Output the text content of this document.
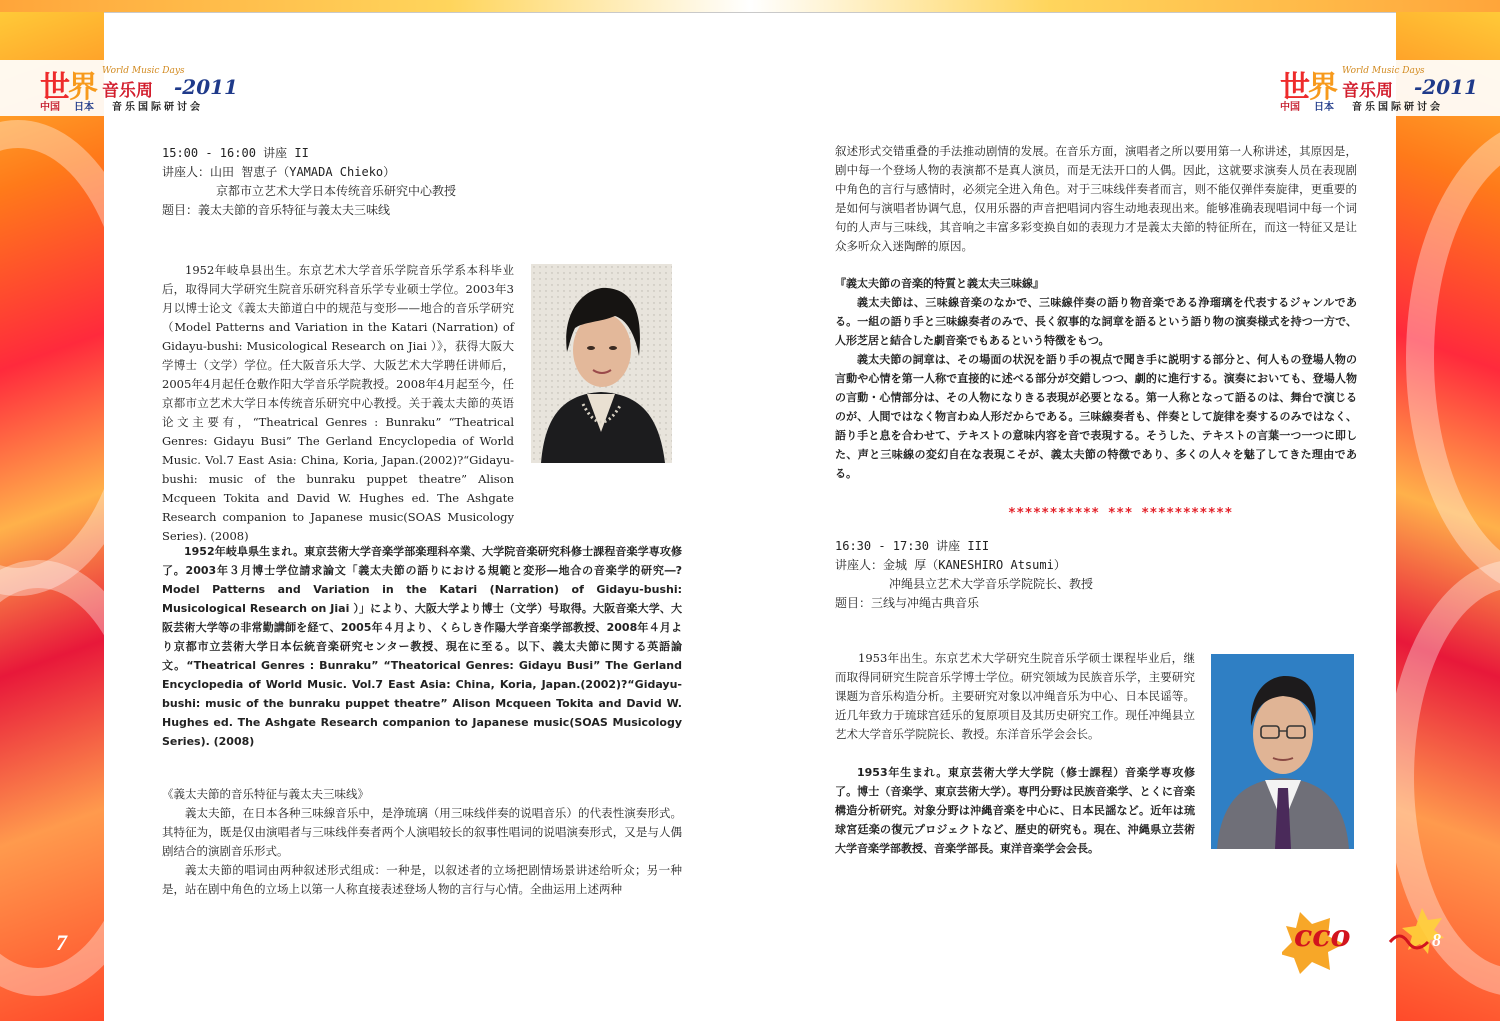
世界 World Music Days
音乐周 -2011
中国 日本 音乐国际研讨会
世界 World Music Days
音乐周 -2011
中国 日本 音乐国际研讨会
15:00 - 16:00 讲座 II
讲座人：山田 智恵子（YAMADA Chieko）
京都市立艺术大学日本传统音乐研究中心教授
题目：義太夫節的音乐特征与義太夫三味线

1952年岐阜县出生。东京艺术大学音乐学院音乐学系本科毕业后，取得同大学研究生院音乐研究科音乐学专业硕士学位。2003年3月以博士论文《義太夫節道白中的规范与变形——地合的音乐学研究（Model Patterns and Variation in the Katari (Narration) of Gidayu-bushi: Musicological Research on Jiai ）》，获得大阪大学博士（文学）学位。任大阪音乐大学、大阪艺术大学聘任讲师后，2005年4月起任仓敷作阳大学音乐学院教授。2008年4月起至今，任京都市立艺术大学日本传统音乐研究中心教授。关于義太夫節的英语论文主要有，“Theatrical Genres : Bunraku” “Theatrical Genres: Gidayu Busi” The Gerland Encyclopedia of World Music. Vol.7 East Asia: China, Koria, Japan.(2002)?“Gidayu-bushi: music of the bunraku puppet theatre” Alison Mcqueen Tokita and David W. Hughes ed. The Ashgate Research companion to Japanese music(SOAS Musicology Series). (2008)

1952年岐阜県生まれ。東京芸術大学音楽学部楽理科卒業、大学院音楽研究科修士課程音楽学専攻修了。2003年３月博士学位請求論文「義太夫節の語りにおける規範と変形―地合の音楽学的研究―?Model Patterns and Variation in the Katari (Narration) of Gidayu-bushi: Musicological Research on Jiai ）」により、大阪大学より博士（文学）号取得。大阪音楽大学、大阪芸術大学等の非常勤講師を経て、2005年４月より、くらしき作陽大学音楽学部教授、2008年４月より京都市立芸術大学日本伝統音楽研究センター教授、現在に至る。以下、義太夫節に関する英語論文。“Theatrical Genres : Bunraku” “Theatorical Genres: Gidayu Busi” The Gerland Encyclopedia of World Music. Vol.7 East Asia: China, Koria, Japan.(2002)?“Gidayu-bushi: music of the bunraku puppet theatre” Alison Mcqueen Tokita and David W. Hughes ed. The Ashgate Research companion to Japanese music(SOAS Musicology Series). (2008)

《義太夫節的音乐特征与義太夫三味线》

義太夫節，在日本各种三味線音乐中，是浄琉璃（用三味线伴奏的说唱音乐）的代表性演奏形式。其特征为，既是仅由演唱者与三味线伴奏者两个人演唱较长的叙事性唱词的说唱演奏形式，又是与人偶剧结合的演剧音乐形式。

義太夫節的唱词由两种叙述形式组成：一种是，以叙述者的立场把剧情场景讲述给听众；另一种是，站在剧中角色的立场上以第一人称直接表述登场人物的言行与心情。全曲运用上述两种

7

叙述形式交错重叠的手法推动剧情的发展。在音乐方面，演唱者之所以要用第一人称讲述，其原因是，剧中每一个登场人物的表演都不是真人演员，而是无法开口的人偶。因此，这就要求演奏人员在表现剧中角色的言行与感情时，必须完全进入角色。对于三味线伴奏者而言，则不能仅弹伴奏旋律，更重要的是如何与演唱者协调气息，仅用乐器的声音把唱词内容生动地表现出来。能够准确表现唱词中每一个词句的人声与三味线，其音响之丰富多彩变换自如的表现力才是義太夫節的特征所在，而这一特征又是让众多听众入迷陶醉的原因。

『義太夫節の音楽的特質と義太夫三味線』

義太夫節は、三味線音楽のなかで、三味線伴奏の語り物音楽である浄瑠璃を代表するジャンルである。一組の語り手と三味線奏者のみで、長く叙事的な詞章を語るという語り物の演奏様式を持つ一方で、人形芝居と結合した劇音楽でもあるという特徴をもつ。

義太夫節の詞章は、その場面の状況を語り手の視点で聞き手に説明する部分と、何人もの登場人物の言動や心情を第一人称で直接的に述べる部分が交錯しつつ、劇的に進行する。演奏においても、登場人物の言動・心情部分は、その人物になりきる表現が必要となる。第一人称となって語るのは、舞台で演じるのが、人間ではなく物言わぬ人形だからである。三味線奏者も、伴奏として旋律を奏するのみではなく、語り手と息を合わせて、テキストの意味内容を音で表現する。そうした、テキストの言葉一つ一つに即した、声と三味線の変幻自在な表現こそが、義太夫節の特徴であり、多くの人々を魅了してきた理由である。

*********** *** ***********
16:30 - 17:30 讲座 III
讲座人：金城 厚（KANESHIRO Atsumi）
冲绳县立艺术大学音乐学院院长、教授
题目：三线与冲绳古典音乐

1953年出生。东京艺术大学研究生院音乐学硕士课程毕业后，继而取得同研究生院音乐学博士学位。研究领域为民族音乐学，主要研究课题为音乐构造分析。主要研究对象以冲绳音乐为中心、日本民谣等。近几年致力于琉球宫廷乐的复原项目及其历史研究工作。现任冲绳县立艺术大学音乐学院院长、教授。东洋音乐学会会长。

1953年生まれ。東京芸術大学大学院（修士課程）音楽学専攻修了。博士（音楽学、東京芸術大学）。専門分野は民族音楽学、とくに音楽構造分析研究。対象分野は沖縄音楽を中心に、日本民謡など。近年は琉球宮廷楽の復元プロジェクトなど、歴史的研究も。現在、沖縄県立芸術大学音楽学部教授、音楽学部長。東洋音楽学会会長。

cco	8
